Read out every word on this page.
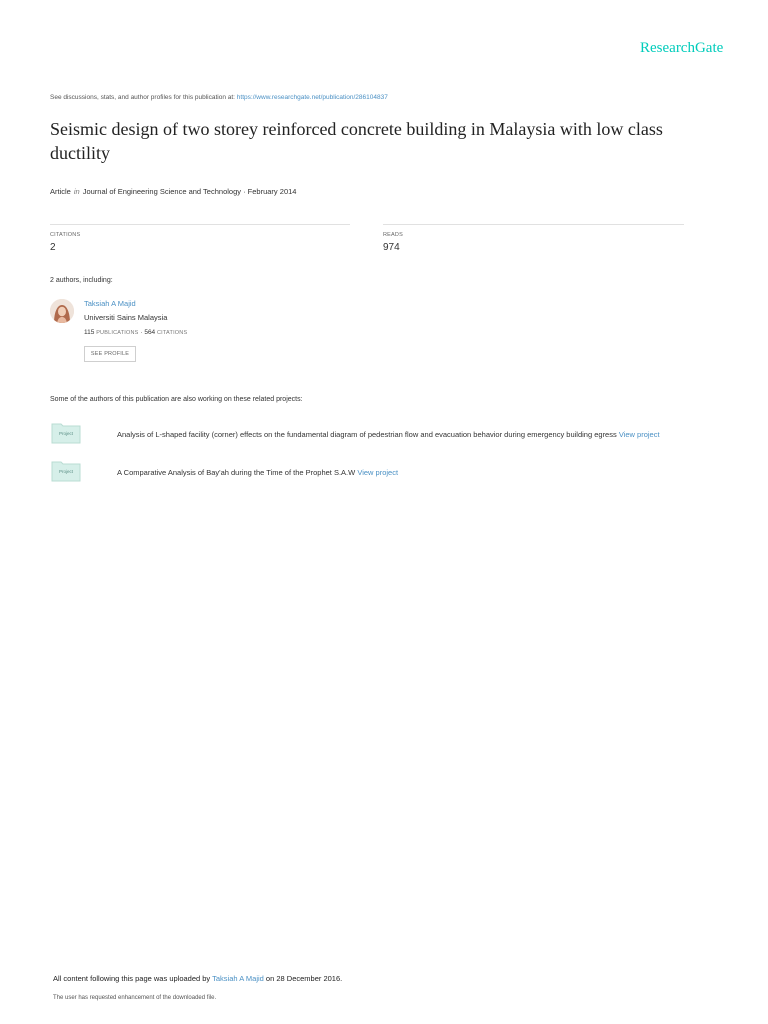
ResearchGate
See discussions, stats, and author profiles for this publication at: https://www.researchgate.net/publication/286104837
Seismic design of two storey reinforced concrete building in Malaysia with low class ductility
Article in Journal of Engineering Science and Technology · February 2014
CITATIONS
2
READS
974
2 authors, including:
Taksiah A Majid
Universiti Sains Malaysia
115 PUBLICATIONS · 564 CITATIONS
SEE PROFILE
Some of the authors of this publication are also working on these related projects:
Project	Analysis of L-shaped facility (corner) effects on the fundamental diagram of pedestrian flow and evacuation behavior during emergency building egress View project
Project	A Comparative Analysis of Bay'ah during the Time of the Prophet S.A.W View project
All content following this page was uploaded by Taksiah A Majid on 28 December 2016.
The user has requested enhancement of the downloaded file.
